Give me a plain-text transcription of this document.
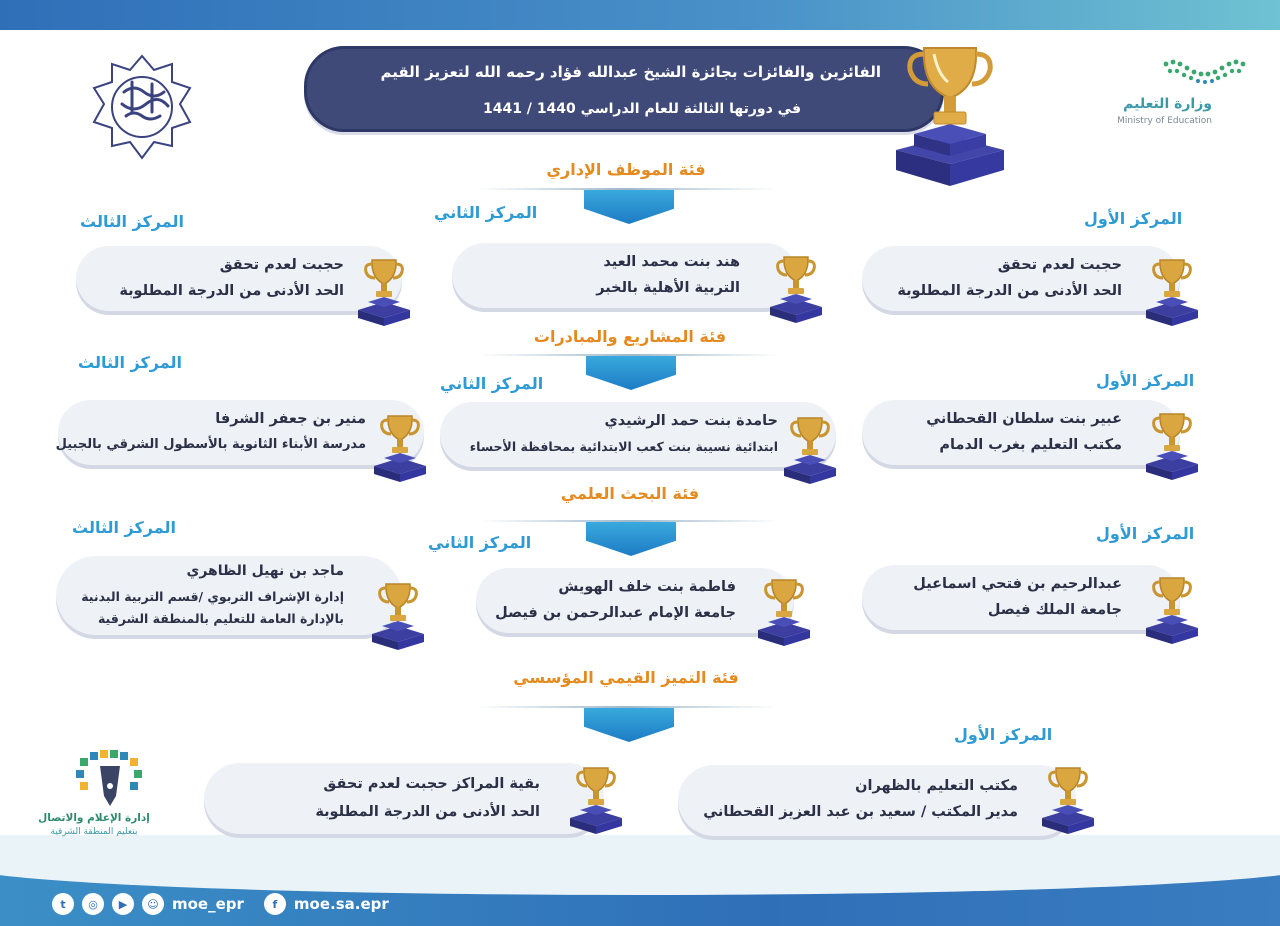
وزارة التعليم
Ministry of Education
الفائزين والفائزات بجائزة الشيخ عبدالله فؤاد رحمه الله لتعزيز القيم
في دورتها الثالثة للعام الدراسي 1440 / 1441
فئة الموظف الإداري
المركز الأول
المركز الثاني
المركز الثالث
حجبت لعدم تحقق
الحد الأدنى من الدرجة المطلوبة
هند بنت محمد العيد
التربية الأهلية بالخبر
حجبت لعدم تحقق
الحد الأدنى من الدرجة المطلوبة
فئة المشاريع والمبادرات
المركز الأول
المركز الثاني
المركز الثالث
عبير بنت سلطان القحطاني
مكتب التعليم بغرب الدمام
حامدة بنت حمد الرشيدي
ابتدائية نسيبة بنت كعب الابتدائية بمحافظة الأحساء
منير بن جعفر الشرفا
مدرسة الأبناء الثانوية بالأسطول الشرقي بالجبيل
فئة البحث العلمي
المركز الأول
المركز الثاني
المركز الثالث
عبدالرحيم بن فتحي اسماعيل
جامعة الملك فيصل
فاطمة بنت خلف الهويش
جامعة الإمام عبدالرحمن بن فيصل
ماجد بن نهيل الظاهري
إدارة الإشراف التربوي /قسم التربية البدنية
بالإدارة العامة للتعليم بالمنطقة الشرقية
فئة التميز القيمي المؤسسي
المركز الأول
مكتب التعليم بالظهران
مدير المكتب / سعيد بن عبد العزيز القحطاني
بقية المراكز حجبت لعدم تحقق
الحد الأدنى من الدرجة المطلوبة
إدارة الإعلام والاتصال
بتعليم المنطقة الشرقية
t	◎	▶	☺ moe_epr	f	moe.sa.epr
